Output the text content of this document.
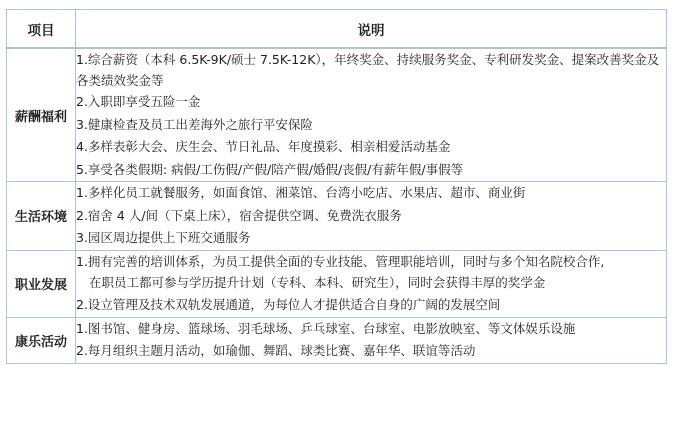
项目	说明
薪酬福利	1.综合薪资（本科 6.5K-9K/硕士 7.5K-12K），年终奖金、持续服务奖金、专利研发奖金、提案改善奖金及各类绩效奖金等
2.入职即享受五险一金
3.健康检查及员工出差海外之旅行平安保险
4.多样表彰大会、庆生会、节日礼品、年度摸彩、相亲相爱活动基金
5.享受各类假期: 病假/工伤假/产假/陪产假/婚假/丧假/有薪年假/事假等

生活环境	1.多样化员工就餐服务，如面食馆、湘菜馆、台湾小吃店、水果店、超市、商业街
2.宿舍 4 人/间（下桌上床），宿舍提供空调、免费洗衣服务
3.园区周边提供上下班交通服务

职业发展	1.拥有完善的培训体系，为员工提供全面的专业技能、管理职能培训，同时与多个知名院校合作,
在职员工都可参与学历提升计划（专科、本科、研究生），同时会获得丰厚的奖学金
2.设立管理及技术双轨发展通道，为每位人才提供适合自身的广阔的发展空间

康乐活动	1.图书馆、健身房、篮球场、羽毛球场、乒乓球室、台球室、电影放映室、等文体娱乐设施
2.每月组织主题月活动，如瑜伽、舞蹈、球类比赛、嘉年华、联谊等活动
